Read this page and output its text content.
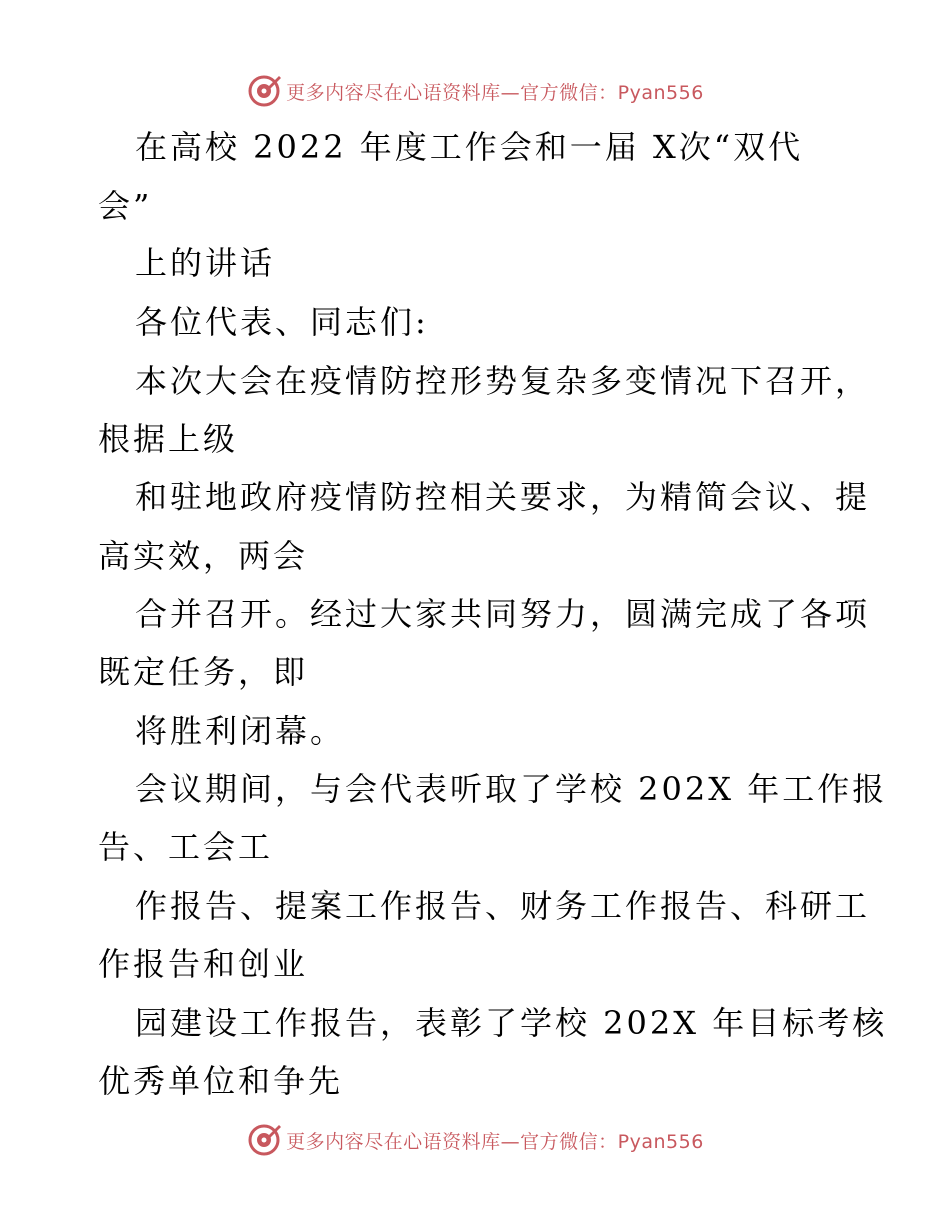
更多内容尽在心语资料库—官方微信：Pyan556
在高校 2022 年度工作会和一届 X次“双代
会”
上的讲话
各位代表、同志们:
本次大会在疫情防控形势复杂多变情况下召开，
根据上级
和驻地政府疫情防控相关要求，为精简会议、提
高实效，两会
合并召开。经过大家共同努力，圆满完成了各项
既定任务，即
将胜利闭幕。
会议期间，与会代表听取了学校 202X 年工作报
告、工会工
作报告、提案工作报告、财务工作报告、科研工
作报告和创业
园建设工作报告，表彰了学校 202X 年目标考核
优秀单位和争先
更多内容尽在心语资料库—官方微信：Pyan556
